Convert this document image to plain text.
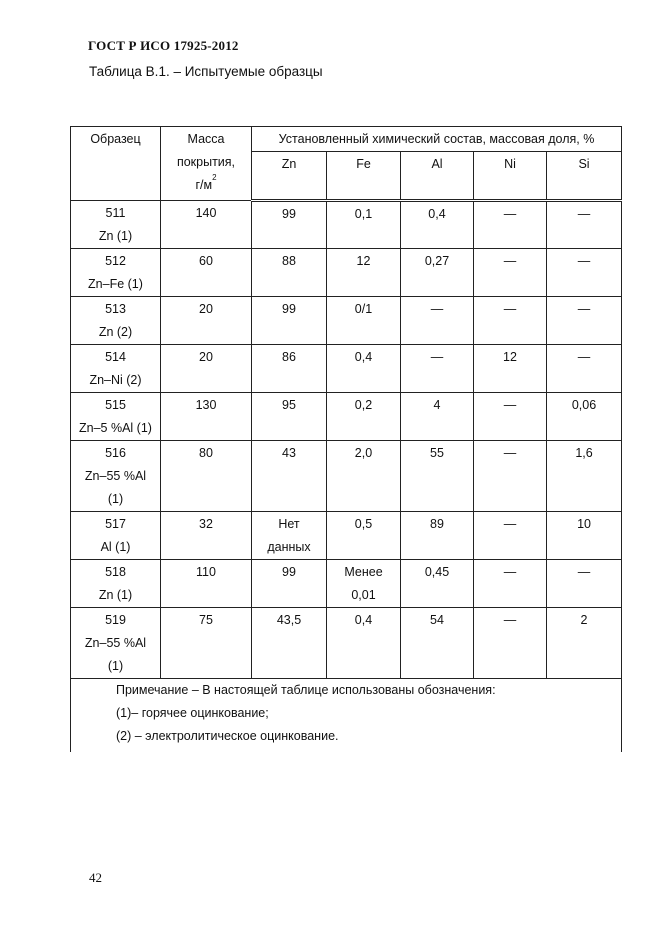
ГОСТ Р ИСО 17925-2012
Таблица В.1. – Испытуемые образцы
Образец	Масса
покрытия,
$г/м^2$	Установленный химический состав, массовая доля, %				

		Zn	Fe	Al	Ni	Si

511
Zn (1)	140	99	0,1	0,4	—	—

512
Zn–Fe (1)	60	88	12	0,27	—	—

513
Zn (2)	20	99	0/1	—	—	—

514
Zn–Ni (2)	20	86	0,4	—	12	—

515
Zn–5 %Al (1)	130	95	0,2	4	—	0,06

516
Zn–55 %Al
(1)	80	43	2,0	55	—	1,6

517
Al (1)	32	Нет данных	0,5	89	—	10

518
Zn (1)	110	99	Менее 0,01	0,45	—	—

519
Zn–55 %Al
(1)	75	43,5	0,4	54	—	2

Примечание – В настоящей таблице использованы обозначения:
(1)– горячее оцинкование;
(2) – электролитическое оцинкование.						
42
